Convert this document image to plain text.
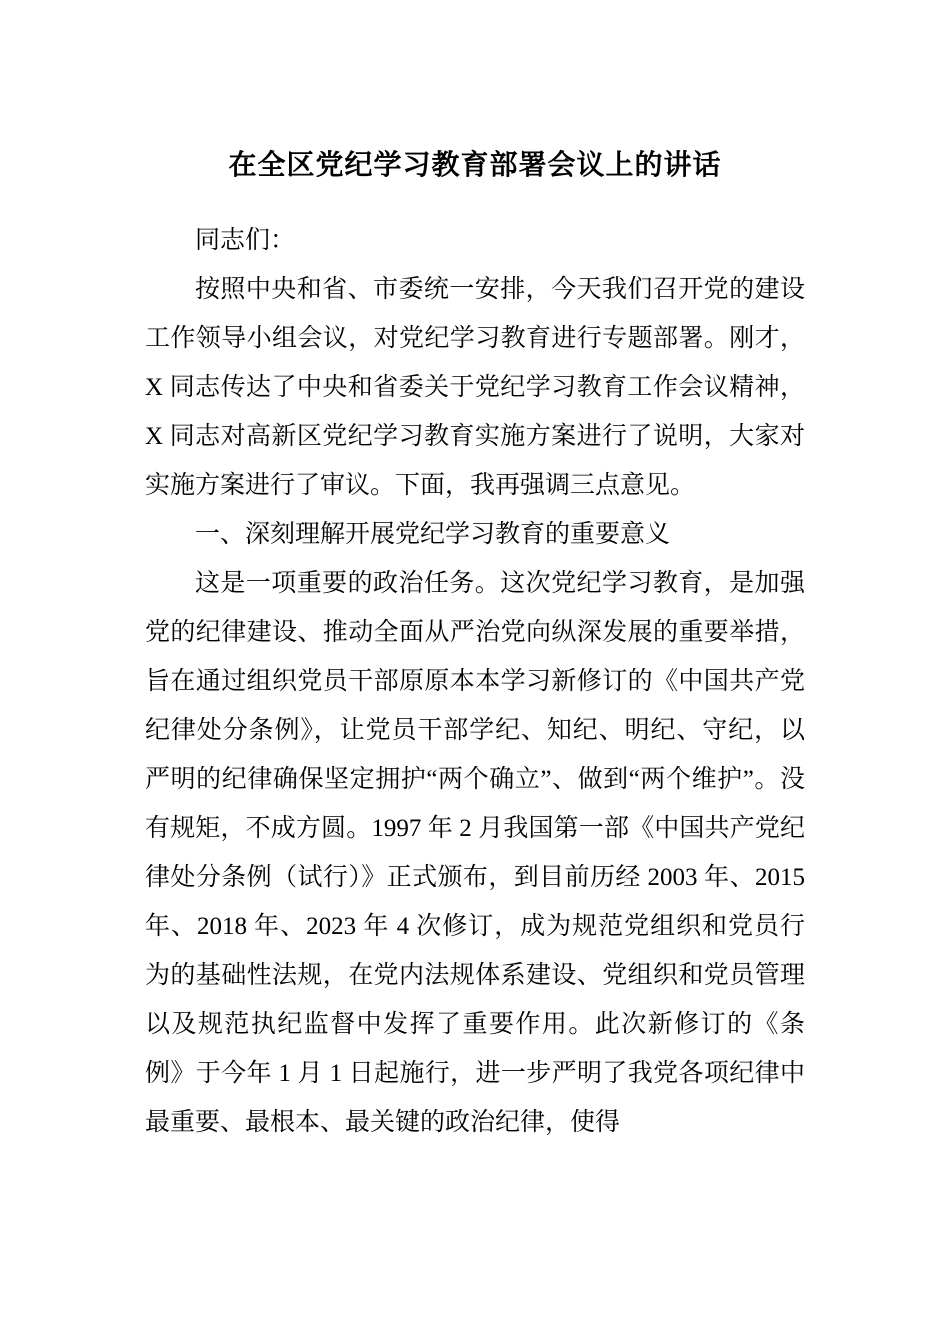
在全区党纪学习教育部署会议上的讲话

同志们：

按照中央和省、市委统一安排，今天我们召开党的建设工作领导小组会议，对党纪学习教育进行专题部署。刚才，X 同志传达了中央和省委关于党纪学习教育工作会议精神，X 同志对高新区党纪学习教育实施方案进行了说明，大家对实施方案进行了审议。下面，我再强调三点意见。

一、深刻理解开展党纪学习教育的重要意义

这是一项重要的政治任务。这次党纪学习教育，是加强党的纪律建设、推动全面从严治党向纵深发展的重要举措，旨在通过组织党员干部原原本本学习新修订的《中国共产党纪律处分条例》，让党员干部学纪、知纪、明纪、守纪，以严明的纪律确保坚定拥护“两个确立”、做到“两个维护”。没有规矩，不成方圆。1997 年 2 月我国第一部《中国共产党纪律处分条例（试行）》正式颁布，到目前历经 2003 年、2015 年、2018 年、2023 年 4 次修订，成为规范党组织和党员行为的基础性法规，在党内法规体系建设、党组织和党员管理以及规范执纪监督中发挥了重要作用。此次新修订的《条例》于今年 1 月 1 日起施行，进一步严明了我党各项纪律中最重要、最根本、最关键的政治纪律，使得
